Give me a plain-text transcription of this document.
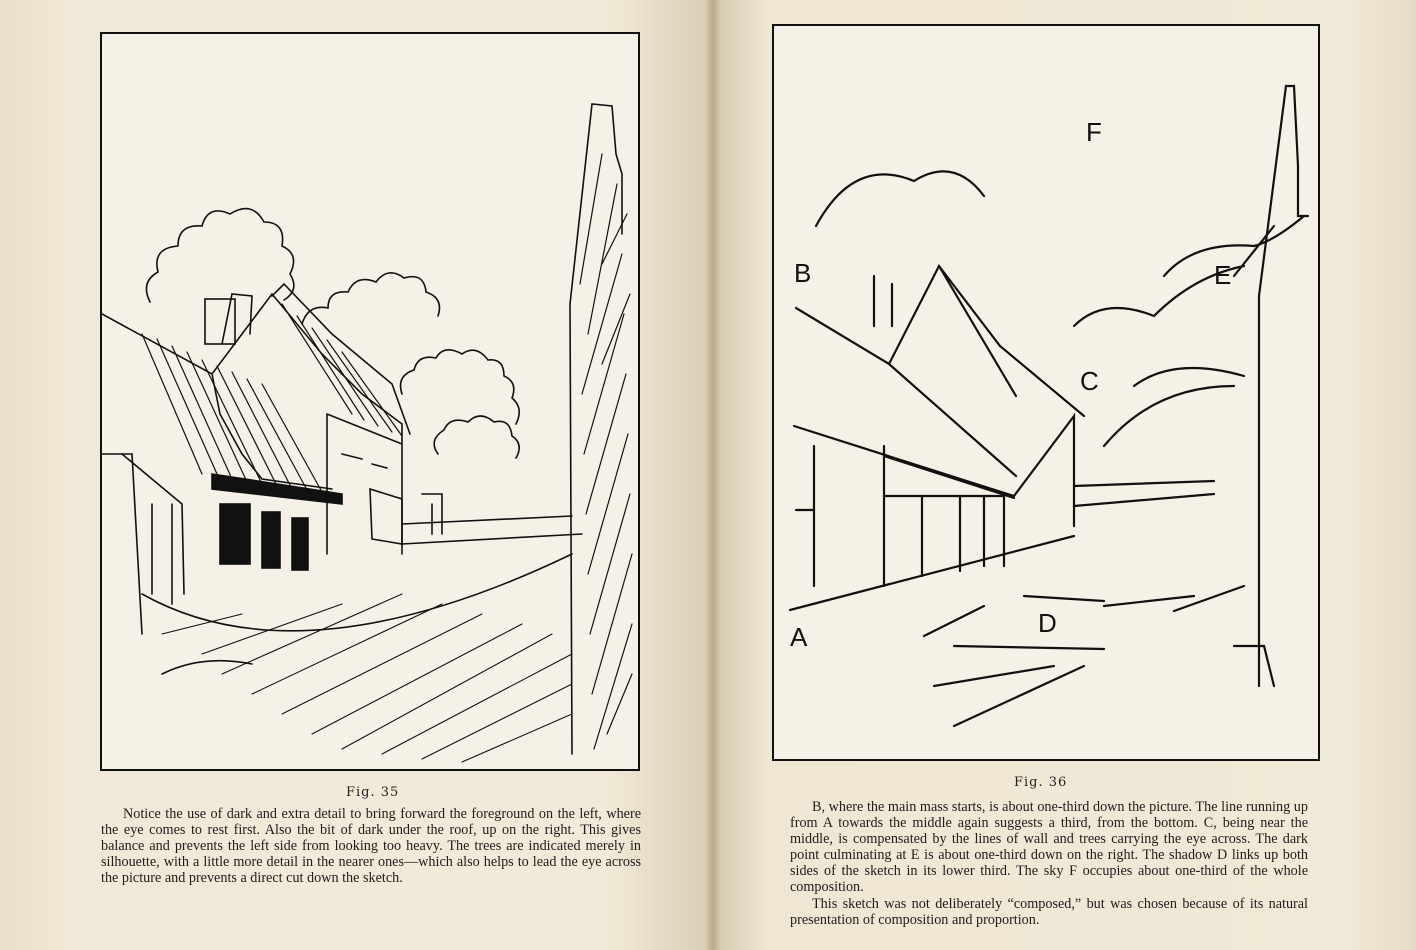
B
F
E
C
D
A
Fig. 35

Notice the use of dark and extra detail to bring forward the foreground on the left, where the eye comes to rest first. Also the bit of dark under the roof, up on the right. This gives balance and prevents the left side from looking too heavy. The trees are indicated merely in silhouette, with a little more detail in the nearer ones—which also helps to lead the eye across the picture and prevents a direct cut down the sketch.

Fig. 36

B, where the main mass starts, is about one-third down the picture. The line running up from A towards the middle again suggests a third, from the bottom. C, being near the middle, is compensated by the lines of wall and trees carrying the eye across. The dark point culminating at E is about one-third down on the right. The shadow D links up both sides of the sketch in its lower third. The sky F occupies about one-third of the whole composition.

This sketch was not deliberately “composed,” but was chosen because of its natural presentation of composition and proportion.
